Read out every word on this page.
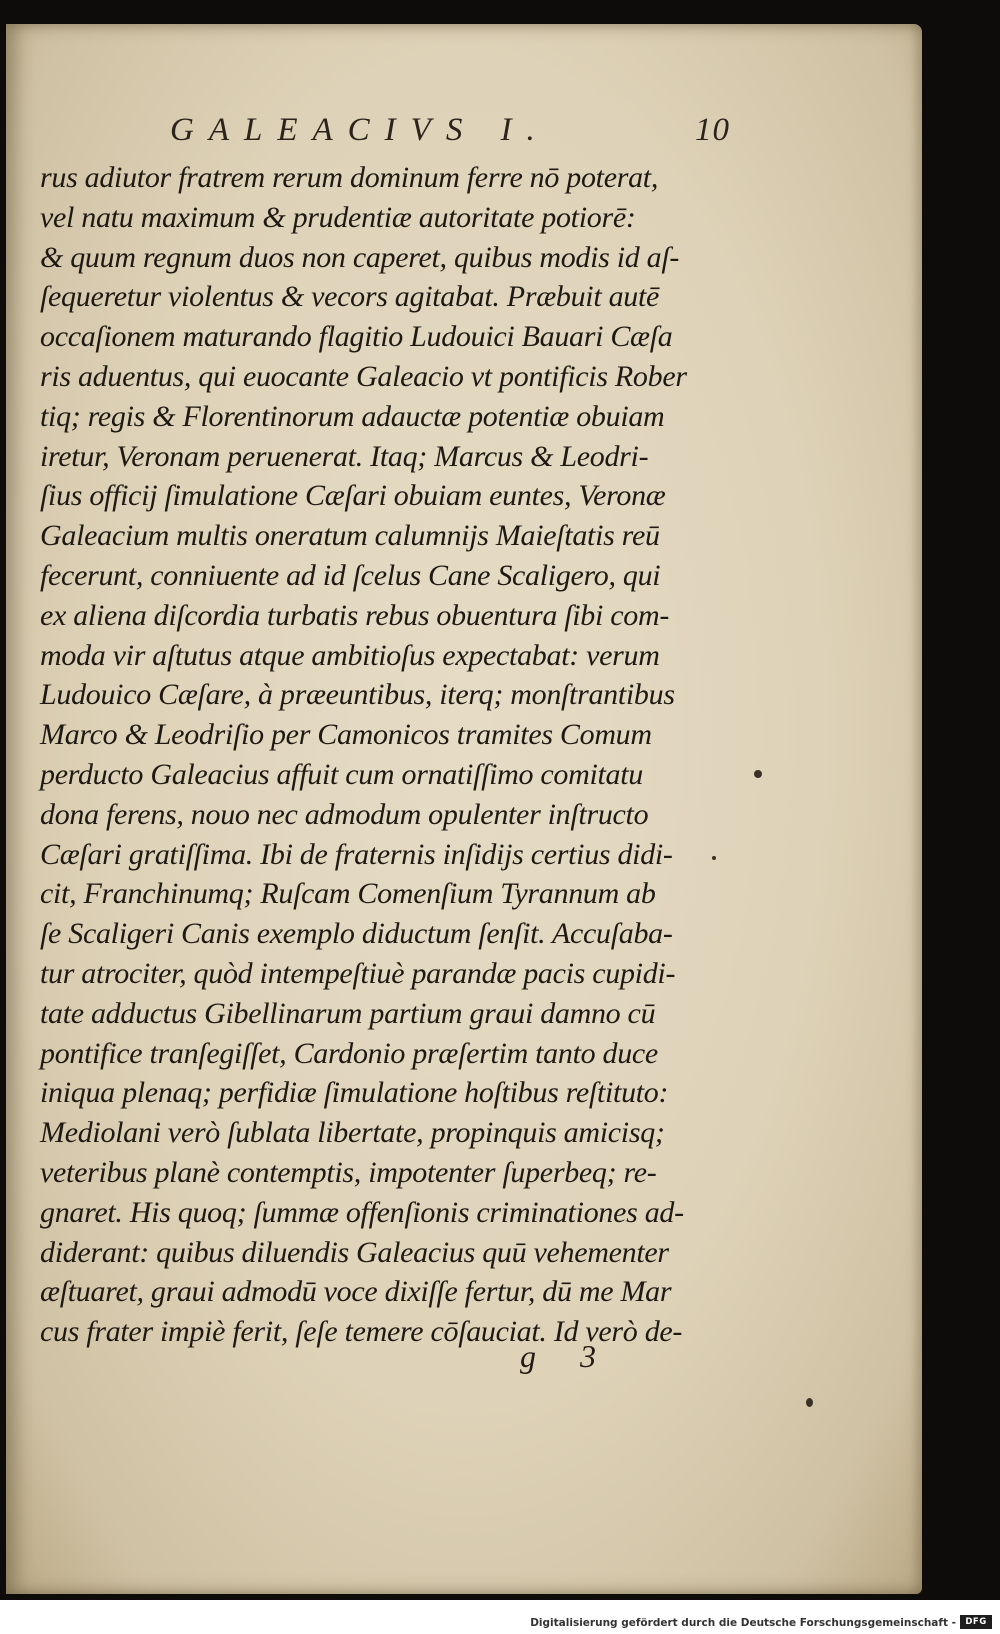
GALEACIVS I.	10
rus adiutor fratrem rerum dominum ferre nō poterat,
vel natu maximum & prudentiæ autoritate potiorē:
& quum regnum duos non caperet, quibus modis id aſ-
ſequeretur violentus & vecors agitabat. Præbuit autē
occaſionem maturando flagitio Ludouici Bauari Cæſa
ris aduentus, qui euocante Galeacio vt pontificis Rober
tiq; regis & Florentinorum adauctæ potentiæ obuiam
iretur, Veronam peruenerat. Itaq; Marcus & Leodri-
ſius officij ſimulatione Cæſari obuiam euntes, Veronæ
Galeacium multis oneratum calumnijs Maieſtatis reū
fecerunt, conniuente ad id ſcelus Cane Scaligero, qui
ex aliena diſcordia turbatis rebus obuentura ſibi com-
moda vir aſtutus atque ambitioſus expectabat: verum
Ludouico Cæſare, à præeuntibus, iterq; monſtrantibus
Marco & Leodriſio per Camonicos tramites Comum
perducto Galeacius affuit cum ornatiſſimo comitatu
dona ferens, nouo nec admodum opulenter inſtructo
Cæſari gratiſſima. Ibi de fraternis inſidijs certius didi-
cit, Franchinumq; Ruſcam Comenſium Tyrannum ab
ſe Scaligeri Canis exemplo diductum ſenſit. Accuſaba-
tur atrociter, quòd intempeſtiuè parandæ pacis cupidi-
tate adductus Gibellinarum partium graui damno cū
pontifice tranſegiſſet, Cardonio præſertim tanto duce
iniqua plenaq; perfidiæ ſimulatione hoſtibus reſtituto:
Mediolani verò ſublata libertate, propinquis amicisq;
veteribus planè contemptis, impotenter ſuperbeq; re-
gnaret. His quoq; ſummæ offenſionis criminationes ad-
diderant: quibus diluendis Galeacius quū vehementer
æſtuaret, graui admodū voce dixiſſe fertur, dū me Mar
cus frater impiè ferit, ſeſe temere cōſauciat. Id verò de-
g 3
Digitalisierung gefördert durch die Deutsche Forschungsgemeinschaft -	DFG
